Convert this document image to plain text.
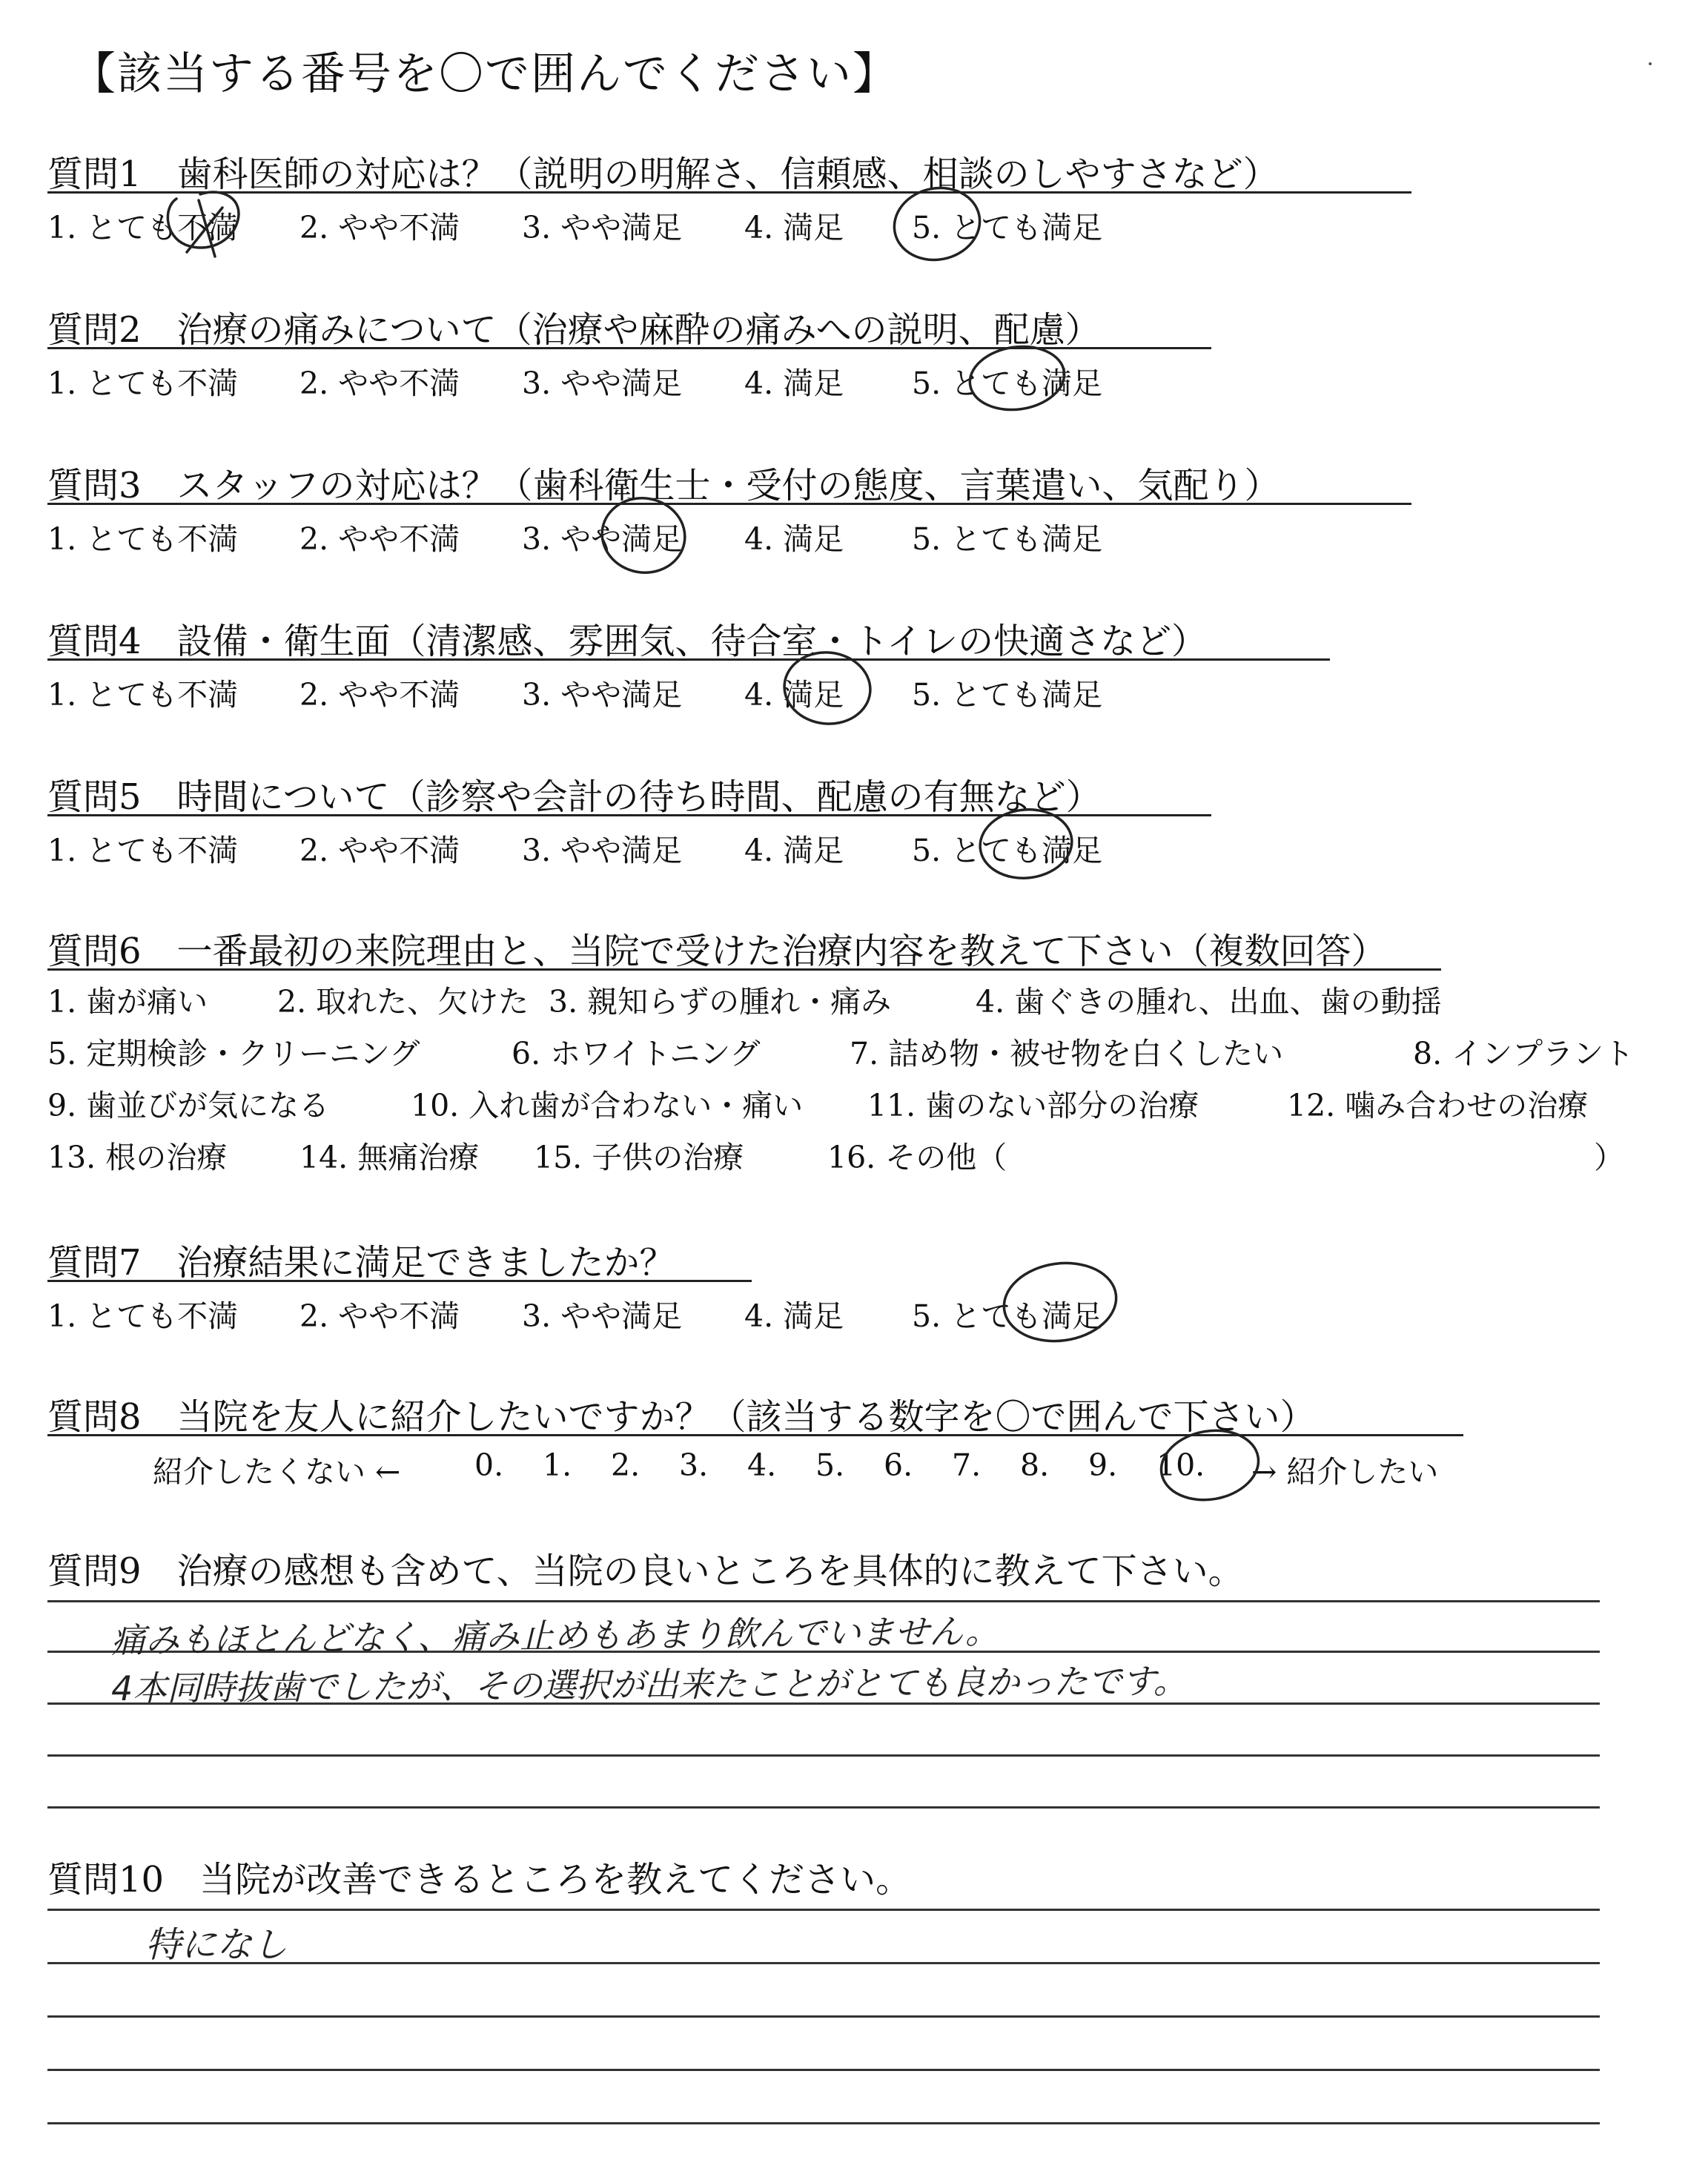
【該当する番号を〇で囲んでください】
質問1　歯科医師の対応は？（説明の明解さ、信頼感、相談のしやすさなど）
1. とても不満	2. やや不満	3. やや満足	4. 満足	5. とても満足
質問2　治療の痛みについて（治療や麻酔の痛みへの説明、配慮）
1. とても不満	2. やや不満	3. やや満足	4. 満足	5. とても満足
質問3　スタッフの対応は？（歯科衛生士・受付の態度、言葉遣い、気配り）
1. とても不満	2. やや不満	3. やや満足	4. 満足	5. とても満足
質問4　設備・衛生面（清潔感、雰囲気、待合室・トイレの快適さなど）
1. とても不満	2. やや不満	3. やや満足	4. 満足	5. とても満足
質問5　時間について（診察や会計の待ち時間、配慮の有無など）
1. とても不満	2. やや不満	3. やや満足	4. 満足	5. とても満足
質問6　一番最初の来院理由と、当院で受けた治療内容を教えて下さい（複数回答）
1. 歯が痛い	2. 取れた、欠けた 3. 親知らずの腫れ・痛み	4. 歯ぐきの腫れ、出血、歯の動揺
5. 定期検診・クリーニング	6. ホワイトニング	7. 詰め物・被せ物を白くしたい	8. インプラント
9. 歯並びが気になる	10. 入れ歯が合わない・痛い	11. 歯のない部分の治療	12. 噛み合わせの治療
13. 根の治療	14. 無痛治療	15. 子供の治療	16. その他（	）
質問7　治療結果に満足できましたか？
1. とても不満	2. やや不満	3. やや満足	4. 満足	5. とても満足
質問8　当院を友人に紹介したいですか？（該当する数字を〇で囲んで下さい）
紹介したくない ←	0.	1.	2.	3.	4.	5.	6.	7.	8.	9.	10.	→ 紹介したい
質問9　治療の感想も含めて、当院の良いところを具体的に教えて下さい。
痛みもほとんどなく、痛み止めもあまり飲んでいません。
4本同時抜歯でしたが、その選択が出来たことがとても良かったです。
質問10　当院が改善できるところを教えてください。
特になし
